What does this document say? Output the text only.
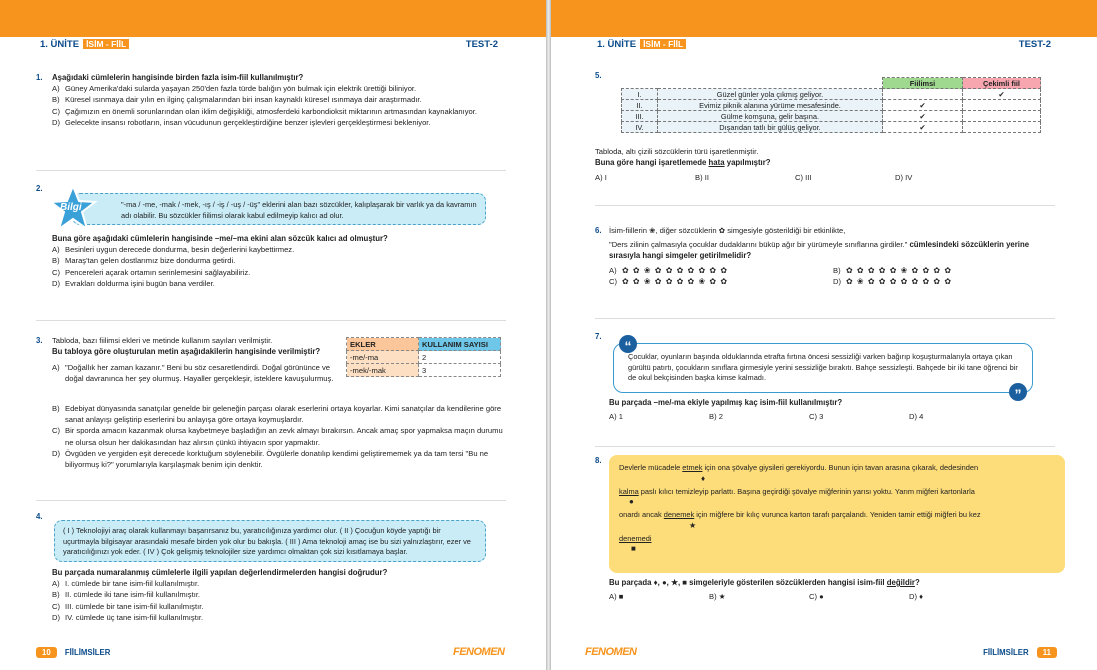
1. ÜNİTE İSİM - FİİL	TEST-2
1. Aşağıdaki cümlelerin hangisinde birden fazla isim-fiil kullanılmıştır?
A) Güney Amerika'daki sularda yaşayan 250'den fazla türde balığın yön bulmak için elektrik ürettiği biliniyor.
B) Küresel ısınmaya dair yılın en ilginç çalışmalarından biri insan kaynaklı küresel ısınmaya dair araştırmadır.
C) Çağımızın en önemli sorunlarından olan iklim değişikliği, atmosferdeki karbondioksit miktarının artmasından kaynaklanıyor.
D) Gelecekte insansı robotların, insan vücudunun gerçekleştirdiğine benzer işlevleri gerçekleştirmesi bekleniyor.
2.
"-ma / -me, -mak / -mek, -ış / -iş / -uş / -üş" eklerini alan bazı sözcükler, kalıplaşarak bir varlık ya da kavramın adı olabilir. Bu sözcükler fiilimsi olarak kabul edilmeyip kalıcı ad olur.
Bilgi
Buna göre aşağıdaki cümlelerin hangisinde –me/–ma ekini alan sözcük kalıcı ad olmuştur?
A) Besinleri uygun derecede dondurma, besin değerlerini kaybettirmez.
B) Maraş'tan gelen dostlarımız bize dondurma getirdi.
C) Pencereleri açarak ortamın serinlemesini sağlayabiliriz.
D) Evrakları doldurma işini bugün bana verdiler.
3. Tabloda, bazı fiilimsi ekleri ve metinde kullanım sayıları verilmiştir.
Bu tabloya göre oluşturulan metin aşağıdakilerin hangisinde verilmiştir?
EKLER	KULLANIM SAYISI
-me/-ma	2
-mek/-mak	3
A) "Doğallık her zaman kazanır." Beni bu söz cesaretlendirdi. Doğal görününce ve doğal davranınca her şey olurmuş. Hayaller gerçekleşir, isteklere kavuşulurmuş.
B) Edebiyat dünyasında sanatçılar genelde bir geleneğin parçası olarak eserlerini ortaya koyarlar. Kimi sanatçılar da kendilerine göre sanat anlayışı geliştirip eserlerini bu anlayışa göre ortaya koymuşlardır.
C) Bir sporda amacın kazanmak olursa kaybetmeye başladığın an zevk almayı bırakırsın. Ancak amaç spor yapmaksa maçın durumu ne olursa olsun her dakikasından haz alırsın çünkü ihtiyacın spor yapmaktır.
D) Övgüden ve yergiden eşit derecede korktuğum söylenebilir. Övgülerle donatılıp kendimi geliştirememek ya da tam tersi "Bu ne biliyormuş ki?" yorumlarıyla karşılaşmak benim için denktir.
4.
( I ) Teknolojiyi araç olarak kullanmayı başarırsanız bu, yaratıcılığınıza yardımcı olur. ( II ) Çocuğun köyde yaptığı bir uçurtmayla bilgisayar arasındaki mesafe birden yok olur bu bakışla. ( III ) Ama teknoloji amaç ise bu sizi yalnızlaştırır, ezer ve yaratıcılığınızı yok eder. ( IV ) Çok gelişmiş teknolojiler size yardımcı olmaktan çok sizi kısıtlamaya başlar.
Bu parçada numaralanmış cümlelerle ilgili yapılan değerlendirmelerden hangisi doğrudur?
A) I. cümlede bir tane isim-fiil kullanılmıştır.
B) II. cümlede iki tane isim-fiil kullanılmıştır.
C) III. cümlede bir tane isim-fiil kullanılmıştır.
D) IV. cümlede üç tane isim-fiil kullanılmıştır.
10 FİİLİMSİLER	FENOMEN
1. ÜNİTE İSİM - FİİL	TEST-2
5.
		Fiilimsi	Çekimli fiil
I.	Güzel günler yola çıkmış geliyor.		✔
II.	Evimiz piknik alanına yürüme mesafesinde.	✔	
III.	Gülme komşuna, gelir başına.	✔	
IV.	Dışarıdan tatlı bir gülüş geliyor.	✔	
Tabloda, altı çizili sözcüklerin türü işaretlenmiştir.
Buna göre hangi işaretlemede hata yapılmıştır?
A) I	B) II	C) III	D) IV
6. İsim-fiillerin ❀, diğer sözcüklerin ✿ simgesiyle gösterildiği bir etkinlikte,
"Ders zilinin çalmasıyla çocuklar dudaklarını büküp ağır bir yürümeyle sınıflarına girdiler." cümlesindeki sözcüklerin yerine sırasıyla hangi simgeler getirilmelidir?
A) ✿ ✿ ❀ ✿ ✿ ✿ ✿ ✿ ✿ ✿	B) ✿ ✿ ✿ ✿ ✿ ❀ ✿ ✿ ✿ ✿
C) ✿ ✿ ❀ ✿ ✿ ✿ ✿ ❀ ✿ ✿	D) ✿ ❀ ✿ ✿ ✿ ✿ ✿ ✿ ✿ ✿
7.
Çocuklar, oyunların başında olduklarında etrafta fırtına öncesi sessizliği varken bağırıp koşuşturmalarıyla ortaya çıkan gürültü patırtı, çocukların sınıflara girmesiyle yerini sessizliğe bırakıtı. Bahçe sessizleşti. Bahçede bir iki tane öğrenci bir de okul bekçisinden başka kimse kalmadı.
“
”
Bu parçada –me/-ma ekiyle yapılmış kaç isim-fiil kullanılmıştır?
A) 1	B) 2	C) 3	D) 4
8.
Devlerle mücadele etmek için ona şövalye giysileri gerekiyordu. Bunun için tavan arasına çıkarak, dedesinden
♦
kalma paslı kılıcı temizleyip parlattı. Başına geçirdiği şövalye miğferinin yarısı yoktu. Yarım miğferi kartonlarla
●
onardı ancak denemek için miğfere bir kılıç vurunca karton tarafı parçalandı. Yeniden tamir ettiği miğferi bu kez
★
denemedi
■
Bu parçada ♦, ●, ★, ■ simgeleriyle gösterilen sözcüklerden hangisi isim-fiil değildir?
A) ■	B) ★	C) ●	D) ♦
FENOMEN	FİİLİMSİLER 11
